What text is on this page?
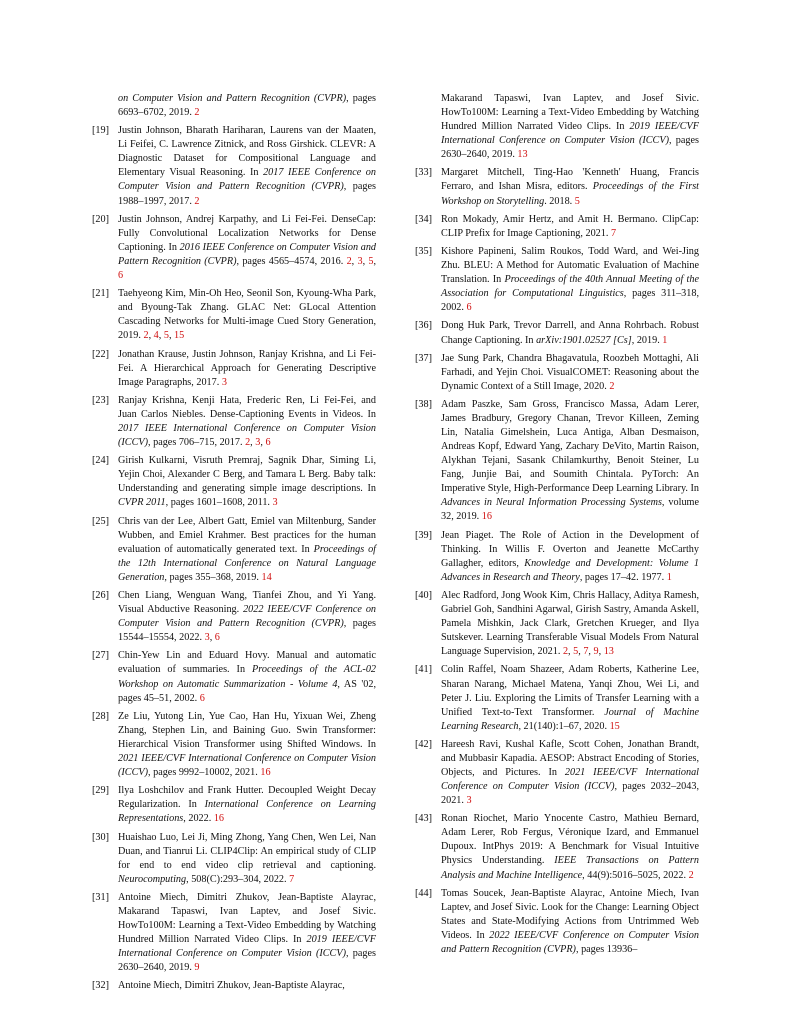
on Computer Vision and Pattern Recognition (CVPR), pages 6693–6702, 2019. 2
[19] Justin Johnson, Bharath Hariharan, Laurens van der Maaten, Li Feifei, C. Lawrence Zitnick, and Ross Girshick. CLEVR: A Diagnostic Dataset for Compositional Language and Elementary Visual Reasoning. In 2017 IEEE Conference on Computer Vision and Pattern Recognition (CVPR), pages 1988–1997, 2017. 2
[20] Justin Johnson, Andrej Karpathy, and Li Fei-Fei. DenseCap: Fully Convolutional Localization Networks for Dense Captioning. In 2016 IEEE Conference on Computer Vision and Pattern Recognition (CVPR), pages 4565–4574, 2016. 2, 3, 5, 6
[21] Taehyeong Kim, Min-Oh Heo, Seonil Son, Kyoung-Wha Park, and Byoung-Tak Zhang. GLAC Net: GLocal Attention Cascading Networks for Multi-image Cued Story Generation, 2019. 2, 4, 5, 15
[22] Jonathan Krause, Justin Johnson, Ranjay Krishna, and Li Fei-Fei. A Hierarchical Approach for Generating Descriptive Image Paragraphs, 2017. 3
[23] Ranjay Krishna, Kenji Hata, Frederic Ren, Li Fei-Fei, and Juan Carlos Niebles. Dense-Captioning Events in Videos. In 2017 IEEE International Conference on Computer Vision (ICCV), pages 706–715, 2017. 2, 3, 6
[24] Girish Kulkarni, Visruth Premraj, Sagnik Dhar, Siming Li, Yejin Choi, Alexander C Berg, and Tamara L Berg. Baby talk: Understanding and generating simple image descriptions. In CVPR 2011, pages 1601–1608, 2011. 3
[25] Chris van der Lee, Albert Gatt, Emiel van Miltenburg, Sander Wubben, and Emiel Krahmer. Best practices for the human evaluation of automatically generated text. In Proceedings of the 12th International Conference on Natural Language Generation, pages 355–368, 2019. 14
[26] Chen Liang, Wenguan Wang, Tianfei Zhou, and Yi Yang. Visual Abductive Reasoning. 2022 IEEE/CVF Conference on Computer Vision and Pattern Recognition (CVPR), pages 15544–15554, 2022. 3, 6
[27] Chin-Yew Lin and Eduard Hovy. Manual and automatic evaluation of summaries. In Proceedings of the ACL-02 Workshop on Automatic Summarization - Volume 4, AS '02, pages 45–51, 2002. 6
[28] Ze Liu, Yutong Lin, Yue Cao, Han Hu, Yixuan Wei, Zheng Zhang, Stephen Lin, and Baining Guo. Swin Transformer: Hierarchical Vision Transformer using Shifted Windows. In 2021 IEEE/CVF International Conference on Computer Vision (ICCV), pages 9992–10002, 2021. 16
[29] Ilya Loshchilov and Frank Hutter. Decoupled Weight Decay Regularization. In International Conference on Learning Representations, 2022. 16
[30] Huaishao Luo, Lei Ji, Ming Zhong, Yang Chen, Wen Lei, Nan Duan, and Tianrui Li. CLIP4Clip: An empirical study of CLIP for end to end video clip retrieval and captioning. Neurocomputing, 508(C):293–304, 2022. 7
[31] Antoine Miech, Dimitri Zhukov, Jean-Baptiste Alayrac, Makarand Tapaswi, Ivan Laptev, and Josef Sivic. HowTo100M: Learning a Text-Video Embedding by Watching Hundred Million Narrated Video Clips. In 2019 IEEE/CVF International Conference on Computer Vision (ICCV), pages 2630–2640, 2019. 9
[32] Antoine Miech, Dimitri Zhukov, Jean-Baptiste Alayrac,
Makarand Tapaswi, Ivan Laptev, and Josef Sivic. HowTo100M: Learning a Text-Video Embedding by Watching Hundred Million Narrated Video Clips. In 2019 IEEE/CVF International Conference on Computer Vision (ICCV), pages 2630–2640, 2019. 13
[33] Margaret Mitchell, Ting-Hao 'Kenneth' Huang, Francis Ferraro, and Ishan Misra, editors. Proceedings of the First Workshop on Storytelling. 2018. 5
[34] Ron Mokady, Amir Hertz, and Amit H. Bermano. ClipCap: CLIP Prefix for Image Captioning, 2021. 7
[35] Kishore Papineni, Salim Roukos, Todd Ward, and Wei-Jing Zhu. BLEU: A Method for Automatic Evaluation of Machine Translation. In Proceedings of the 40th Annual Meeting of the Association for Computational Linguistics, pages 311–318, 2002. 6
[36] Dong Huk Park, Trevor Darrell, and Anna Rohrbach. Robust Change Captioning. In arXiv:1901.02527 [Cs], 2019. 1
[37] Jae Sung Park, Chandra Bhagavatula, Roozbeh Mottaghi, Ali Farhadi, and Yejin Choi. VisualCOMET: Reasoning about the Dynamic Context of a Still Image, 2020. 2
[38] Adam Paszke, Sam Gross, Francisco Massa, Adam Lerer, James Bradbury, Gregory Chanan, Trevor Killeen, Zeming Lin, Natalia Gimelshein, Luca Antiga, Alban Desmaison, Andreas Kopf, Edward Yang, Zachary DeVito, Martin Raison, Alykhan Tejani, Sasank Chilamkurthy, Benoit Steiner, Lu Fang, Junjie Bai, and Soumith Chintala. PyTorch: An Imperative Style, High-Performance Deep Learning Library. In Advances in Neural Information Processing Systems, volume 32, 2019. 16
[39] Jean Piaget. The Role of Action in the Development of Thinking. In Willis F. Overton and Jeanette McCarthy Gallagher, editors, Knowledge and Development: Volume 1 Advances in Research and Theory, pages 17–42. 1977. 1
[40] Alec Radford, Jong Wook Kim, Chris Hallacy, Aditya Ramesh, Gabriel Goh, Sandhini Agarwal, Girish Sastry, Amanda Askell, Pamela Mishkin, Jack Clark, Gretchen Krueger, and Ilya Sutskever. Learning Transferable Visual Models From Natural Language Supervision, 2021. 2, 5, 7, 9, 13
[41] Colin Raffel, Noam Shazeer, Adam Roberts, Katherine Lee, Sharan Narang, Michael Matena, Yanqi Zhou, Wei Li, and Peter J. Liu. Exploring the Limits of Transfer Learning with a Unified Text-to-Text Transformer. Journal of Machine Learning Research, 21(140):1–67, 2020. 15
[42] Hareesh Ravi, Kushal Kafle, Scott Cohen, Jonathan Brandt, and Mubbasir Kapadia. AESOP: Abstract Encoding of Stories, Objects, and Pictures. In 2021 IEEE/CVF International Conference on Computer Vision (ICCV), pages 2032–2043, 2021. 3
[43] Ronan Riochet, Mario Ynocente Castro, Mathieu Bernard, Adam Lerer, Rob Fergus, Véronique Izard, and Emmanuel Dupoux. IntPhys 2019: A Benchmark for Visual Intuitive Physics Understanding. IEEE Transactions on Pattern Analysis and Machine Intelligence, 44(9):5016–5025, 2022. 2
[44] Tomas Soucek, Jean-Baptiste Alayrac, Antoine Miech, Ivan Laptev, and Josef Sivic. Look for the Change: Learning Object States and State-Modifying Actions from Untrimmed Web Videos. In 2022 IEEE/CVF Conference on Computer Vision and Pattern Recognition (CVPR), pages 13936–
